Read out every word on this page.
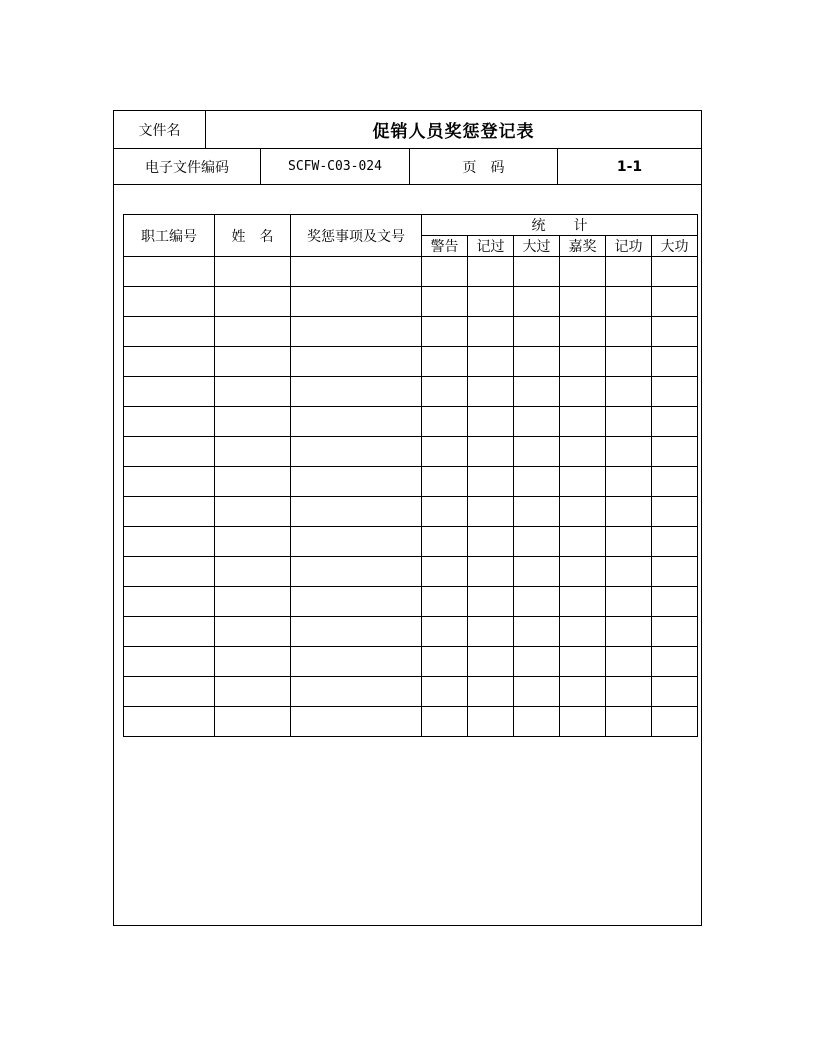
文件名	促销人员奖惩登记表
电子文件编码	SCFW-C03-024	页　码	1-1
职工编号	姓　名	奖惩事项及文号	统　　计					
			警告	记过	大过	嘉奖	记功	大功
